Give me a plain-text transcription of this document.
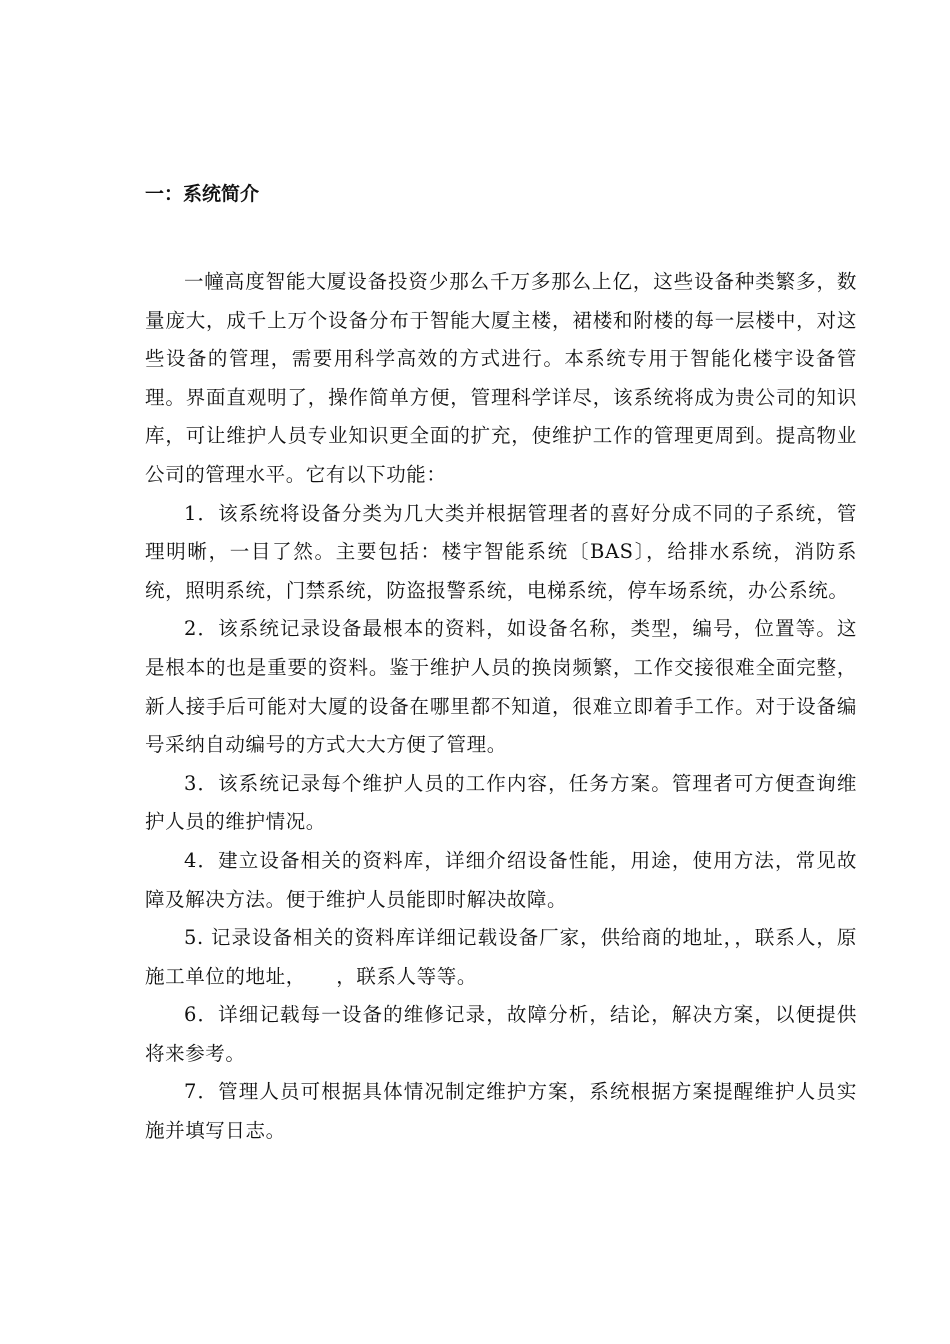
一：系统简介

一幢高度智能大厦设备投资少那么千万多那么上亿，这些设备种类繁多，数量庞大，成千上万个设备分布于智能大厦主楼，裙楼和附楼的每一层楼中，对这些设备的管理，需要用科学高效的方式进行。本系统专用于智能化楼宇设备管理。界面直观明了，操作简单方便，管理科学详尽，该系统将成为贵公司的知识库，可让维护人员专业知识更全面的扩充，使维护工作的管理更周到。提高物业公司的管理水平。它有以下功能：

1．该系统将设备分类为几大类并根据管理者的喜好分成不同的子系统，管理明晰，一目了然。主要包括：楼宇智能系统〔BAS〕，给排水系统，消防系统，照明系统，门禁系统，防盗报警系统，电梯系统，停车场系统，办公系统。

2．该系统记录设备最根本的资料，如设备名称，类型，编号，位置等。这是根本的也是重要的资料。鉴于维护人员的换岗频繁，工作交接很难全面完整，新人接手后可能对大厦的设备在哪里都不知道，很难立即着手工作。对于设备编号采纳自动编号的方式大大方便了管理。

3．该系统记录每个维护人员的工作内容，任务方案。管理者可方便查询维护人员的维护情况。

4．建立设备相关的资料库，详细介绍设备性能，用途，使用方法，常见故障及解决方法。便于维护人员能即时解决故障。

5. 记录设备相关的资料库详细记载设备厂家，供给商的地址，，联系人，原施工单位的地址，　　，联系人等等。

6．详细记载每一设备的维修记录，故障分析，结论，解决方案，以便提供将来参考。

7．管理人员可根据具体情况制定维护方案，系统根据方案提醒维护人员实施并填写日志。
